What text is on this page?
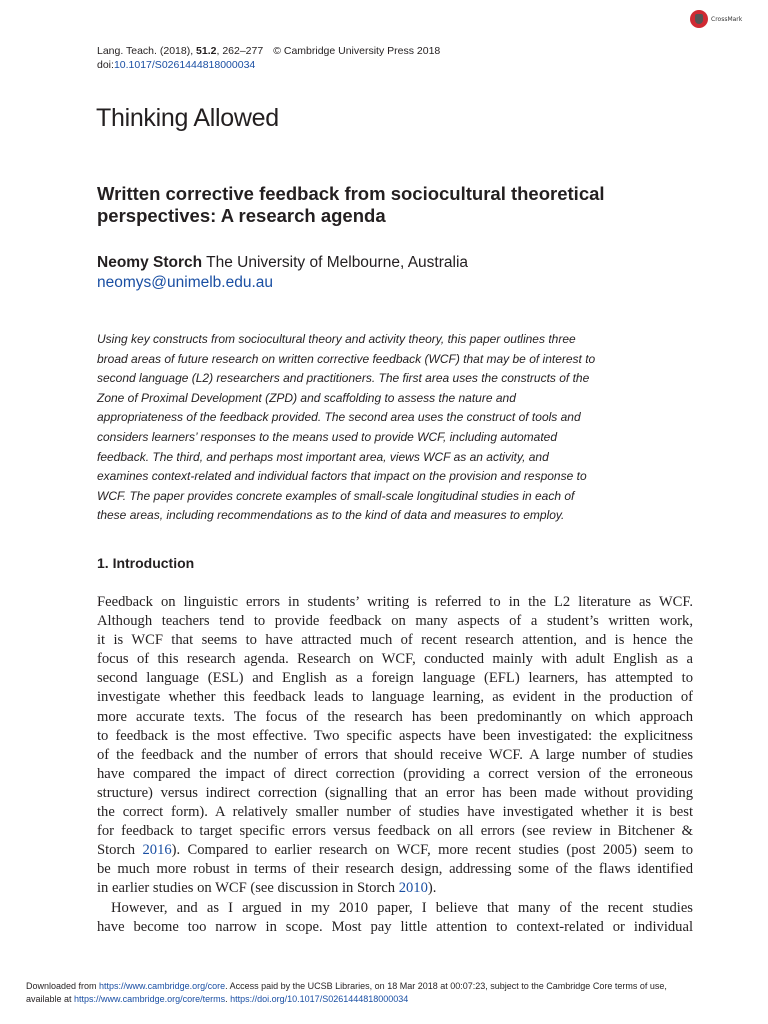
CrossMark
Lang. Teach. (2018), 51.2, 262–277 © Cambridge University Press 2018
doi:10.1017/S0261444818000034
Thinking Allowed
Written corrective feedback from sociocultural theoretical perspectives: A research agenda
Neomy Storch The University of Melbourne, Australia
neomys@unimelb.edu.au
Using key constructs from sociocultural theory and activity theory, this paper outlines three
broad areas of future research on written corrective feedback (WCF) that may be of interest to
second language (L2) researchers and practitioners. The first area uses the constructs of the
Zone of Proximal Development (ZPD) and scaffolding to assess the nature and
appropriateness of the feedback provided. The second area uses the construct of tools and
considers learners’ responses to the means used to provide WCF, including automated
feedback. The third, and perhaps most important area, views WCF as an activity, and
examines context-related and individual factors that impact on the provision and response to
WCF. The paper provides concrete examples of small-scale longitudinal studies in each of
these areas, including recommendations as to the kind of data and measures to employ.
1. Introduction
Feedback on linguistic errors in students’ writing is referred to in the L2 literature as WCF.
Although teachers tend to provide feedback on many aspects of a student’s written work,
it is WCF that seems to have attracted much of recent research attention, and is hence the
focus of this research agenda. Research on WCF, conducted mainly with adult English as a
second language (ESL) and English as a foreign language (EFL) learners, has attempted to
investigate whether this feedback leads to language learning, as evident in the production of
more accurate texts. The focus of the research has been predominantly on which approach
to feedback is the most effective. Two specific aspects have been investigated: the explicitness
of the feedback and the number of errors that should receive WCF. A large number of studies
have compared the impact of direct correction (providing a correct version of the erroneous
structure) versus indirect correction (signalling that an error has been made without providing
the correct form). A relatively smaller number of studies have investigated whether it is best
for feedback to target specific errors versus feedback on all errors (see review in Bitchener &
Storch 2016). Compared to earlier research on WCF, more recent studies (post 2005) seem to
be much more robust in terms of their research design, addressing some of the flaws identified
in earlier studies on WCF (see discussion in Storch 2010).
However, and as I argued in my 2010 paper, I believe that many of the recent studies
have become too narrow in scope. Most pay little attention to context-related or individual
Downloaded from https://www.cambridge.org/core. Access paid by the UCSB Libraries, on 18 Mar 2018 at 00:07:23, subject to the Cambridge Core terms of use,
available at https://www.cambridge.org/core/terms. https://doi.org/10.1017/S0261444818000034
